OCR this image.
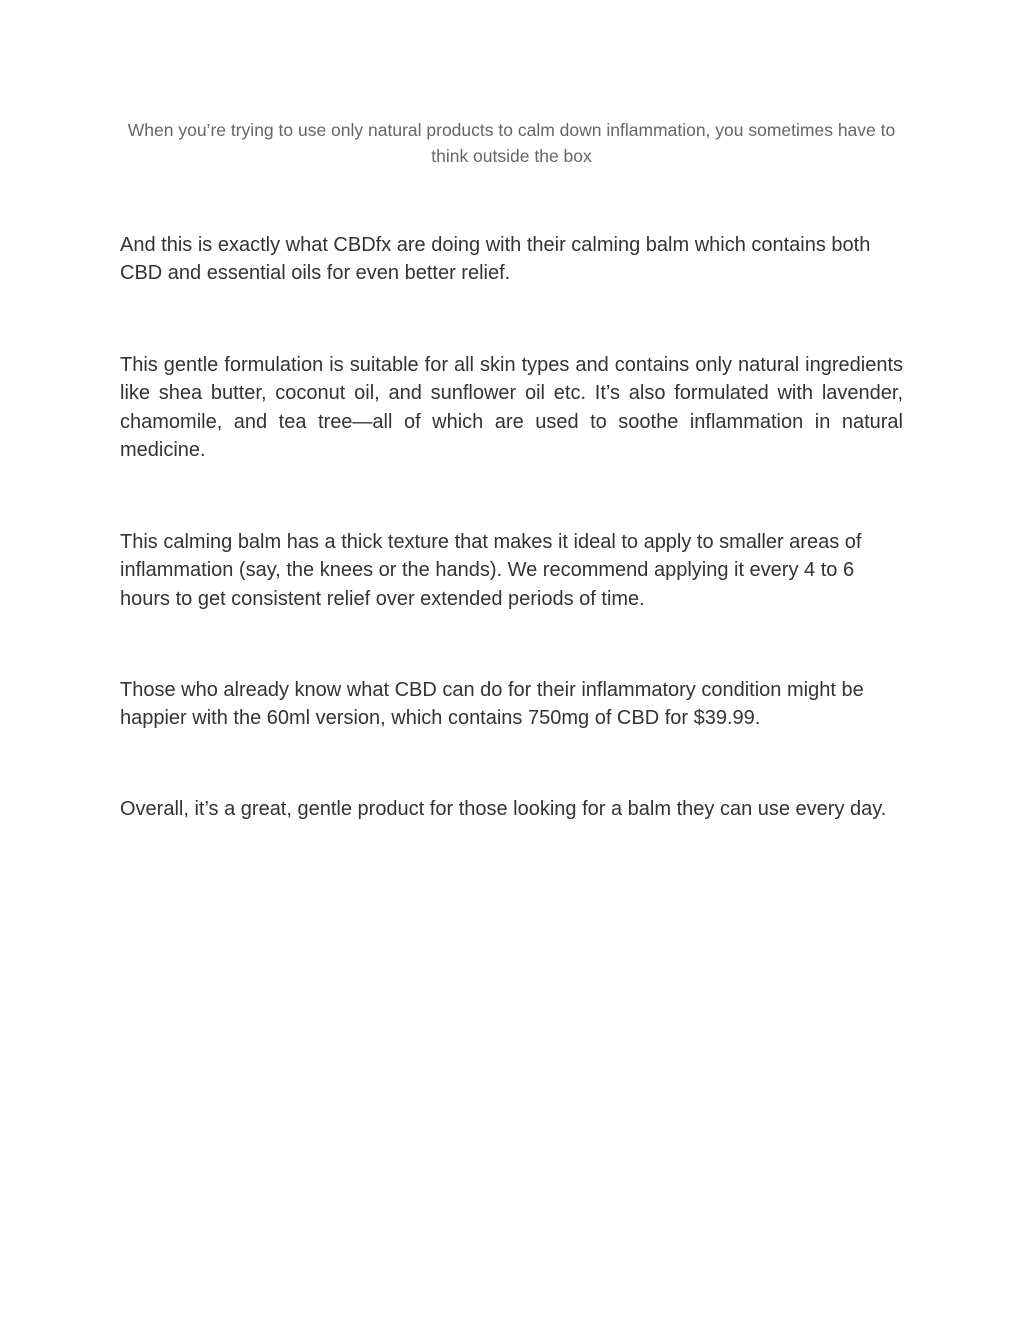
When you’re trying to use only natural products to calm down inflammation, you sometimes have to think outside the box

And this is exactly what CBDfx are doing with their calming balm which contains both CBD and essential oils for even better relief.

This gentle formulation is suitable for all skin types and contains only natural ingredients like shea butter, coconut oil, and sunflower oil etc. It’s also formulated with lavender, chamomile, and tea tree—all of which are used to soothe inflammation in natural medicine.

This calming balm has a thick texture that makes it ideal to apply to smaller areas of inflammation (say, the knees or the hands). We recommend applying it every 4 to 6 hours to get consistent relief over extended periods of time.

Those who already know what CBD can do for their inflammatory condition might be happier with the 60ml version, which contains 750mg of CBD for $39.99.

Overall, it’s a great, gentle product for those looking for a balm they can use every day.
